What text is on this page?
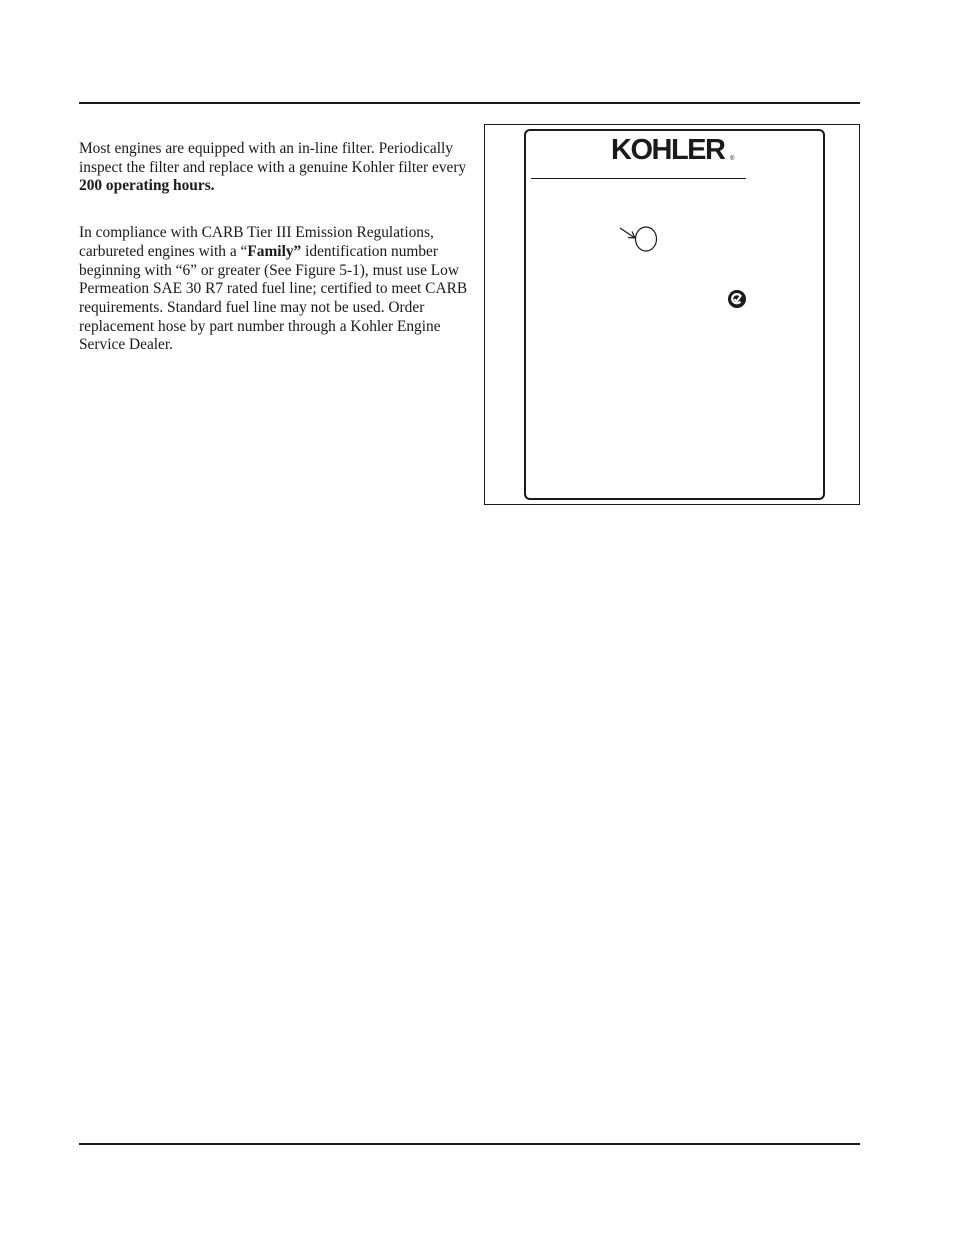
Most engines are equipped with an in-line filter. Periodically inspect the filter and replace with a genuine Kohler filter every 200 operating hours.

In compliance with CARB Tier III Emission Regulations, carbureted engines with a “Family” identification number beginning with “6” or greater (See Figure 5-1), must use Low Permeation SAE 30 R7 rated fuel line; certified to meet CARB requirements. Standard fuel line may not be used. Order replacement hose by part number through a Kohler Engine Service Dealer.

KOHLER ®
